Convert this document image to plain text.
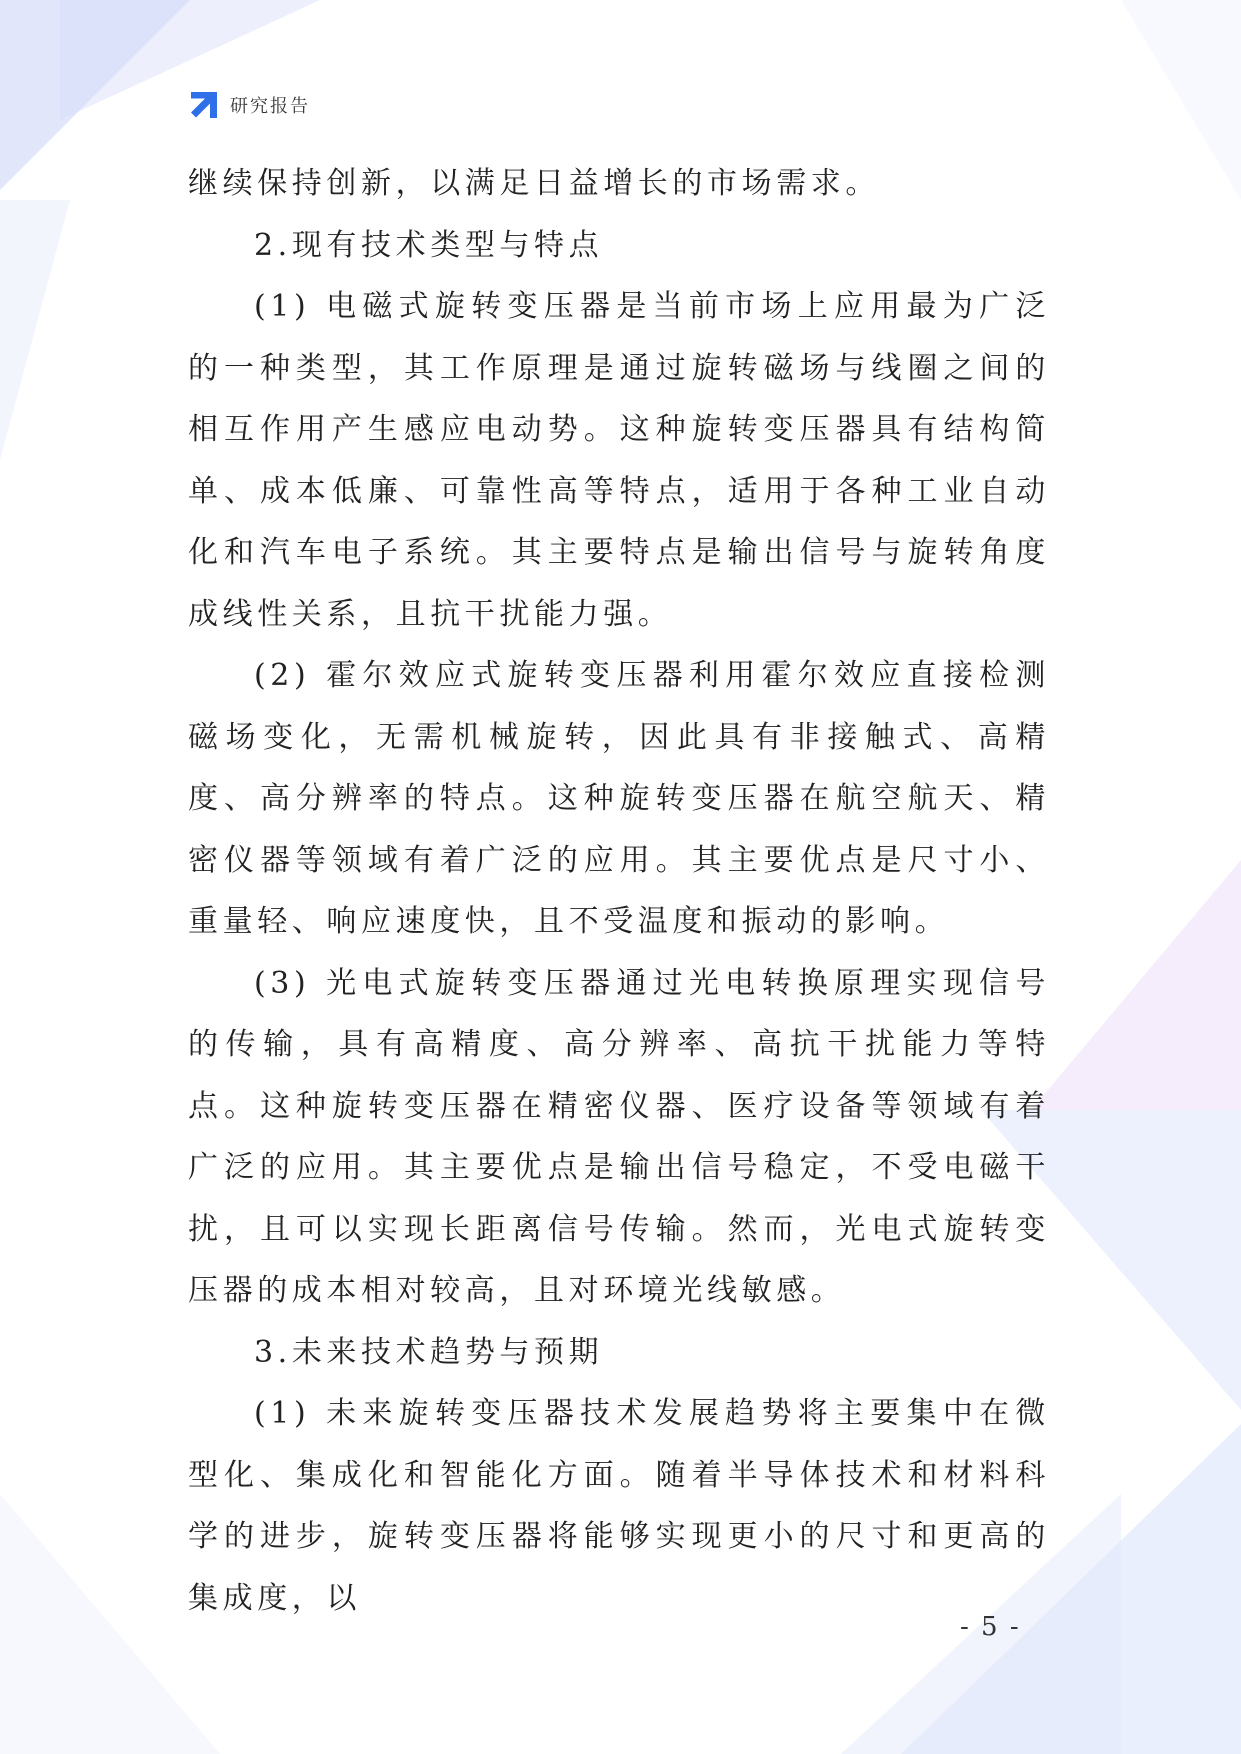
研究报告

继续保持创新，以满足日益增长的市场需求。

2.现有技术类型与特点

(1) 电磁式旋转变压器是当前市场上应用最为广泛的一种类型，其工作原理是通过旋转磁场与线圈之间的相互作用产生感应电动势。这种旋转变压器具有结构简单、成本低廉、可靠性高等特点，适用于各种工业自动化和汽车电子系统。其主要特点是输出信号与旋转角度成线性关系，且抗干扰能力强。

(2) 霍尔效应式旋转变压器利用霍尔效应直接检测磁场变化，无需机械旋转，因此具有非接触式、高精度、高分辨率的特点。这种旋转变压器在航空航天、精密仪器等领域有着广泛的应用。其主要优点是尺寸小、重量轻、响应速度快，且不受温度和振动的影响。

(3) 光电式旋转变压器通过光电转换原理实现信号的传输，具有高精度、高分辨率、高抗干扰能力等特点。这种旋转变压器在精密仪器、医疗设备等领域有着广泛的应用。其主要优点是输出信号稳定，不受电磁干扰，且可以实现长距离信号传输。然而，光电式旋转变压器的成本相对较高，且对环境光线敏感。

3.未来技术趋势与预期

(1) 未来旋转变压器技术发展趋势将主要集中在微型化、集成化和智能化方面。随着半导体技术和材料科学的进步，旋转变压器将能够实现更小的尺寸和更高的集成度，以

- 5 -
